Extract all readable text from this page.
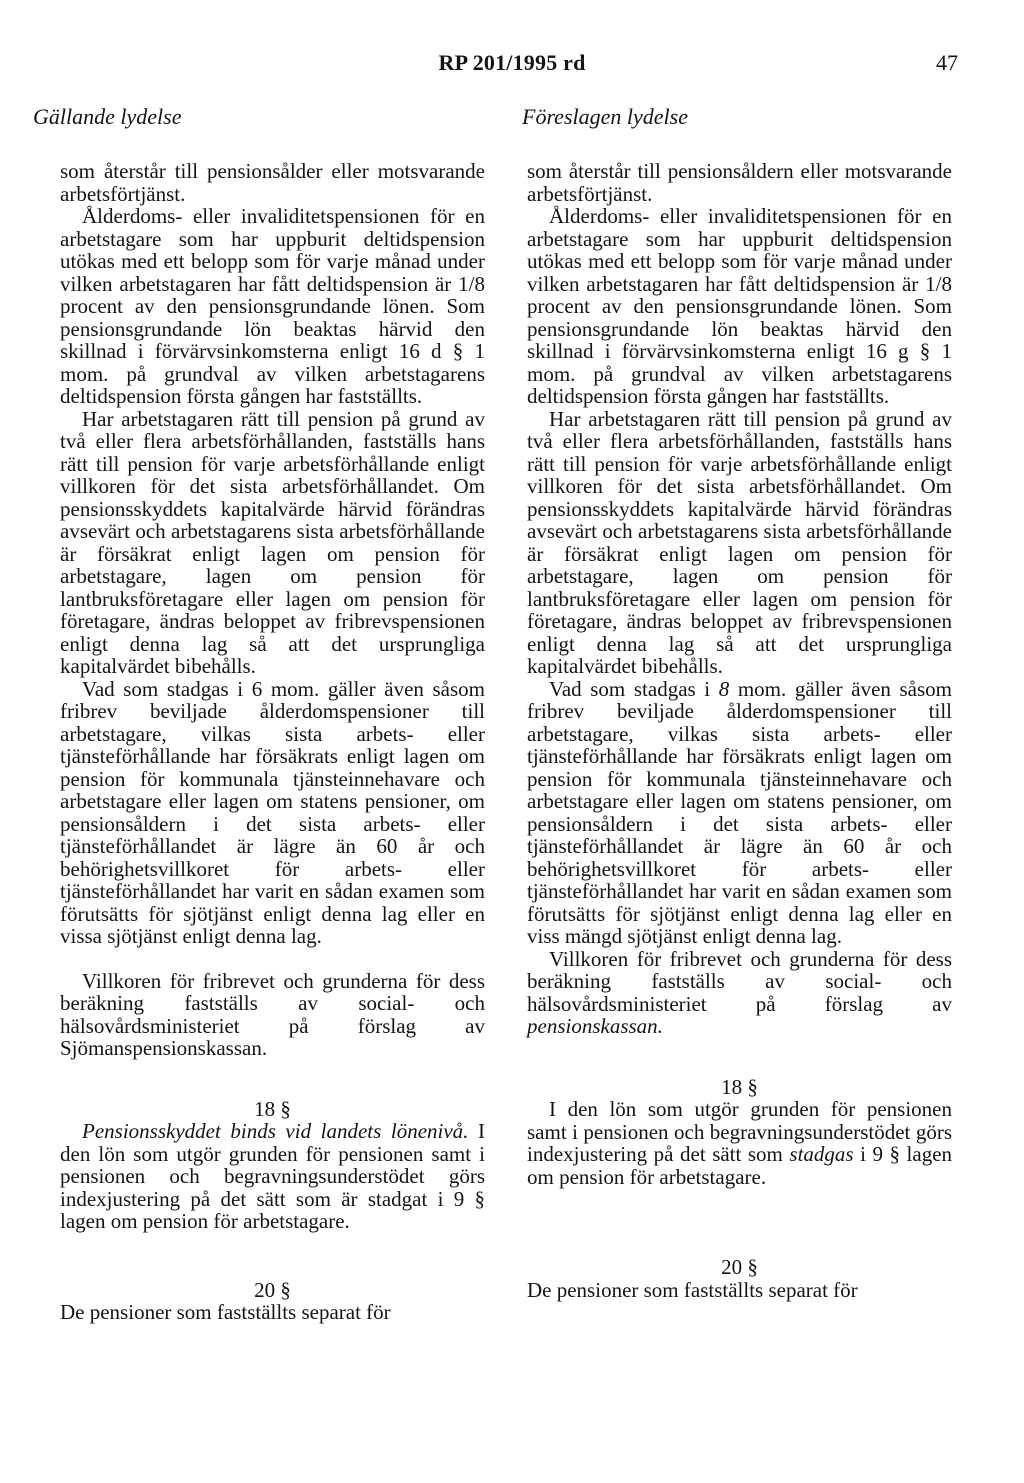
RP 201/1995 rd	47
Gällande lydelse	Föreslagen lydelse

som återstår till pensionsålder eller motsvarande arbetsförtjänst.

Ålderdoms- eller invaliditetspensionen för en arbetstagare som har uppburit deltidspension utökas med ett belopp som för varje månad under vilken arbetstagaren har fått deltidspension är 1/8 procent av den pensionsgrundande lönen. Som pensionsgrundande lön beaktas härvid den skillnad i förvärvsinkomsterna enligt 16 d § 1 mom. på grundval av vilken arbetstagarens deltidspension första gången har fastställts.

Har arbetstagaren rätt till pension på grund av två eller flera arbetsförhållanden, fastställs hans rätt till pension för varje arbetsförhållande enligt villkoren för det sista arbetsförhållandet. Om pensionsskyddets kapitalvärde härvid förändras avsevärt och arbetstagarens sista arbetsförhållande är försäkrat enligt lagen om pension för arbetstagare, lagen om pension för lantbruksföretagare eller lagen om pension för företagare, ändras beloppet av fribrevspensionen enligt denna lag så att det ursprungliga kapitalvärdet bibehålls.

Vad som stadgas i 6 mom. gäller även såsom fribrev beviljade ålderdomspensioner till arbetstagare, vilkas sista arbets- eller tjänsteförhållande har försäkrats enligt lagen om pension för kommunala tjänsteinnehavare och arbetstagare eller lagen om statens pensioner, om pensionsåldern i det sista arbets- eller tjänsteförhållandet är lägre än 60 år och behörighetsvillkoret för arbets- eller tjänsteförhållandet har varit en sådan examen som förutsätts för sjötjänst enligt denna lag eller en vissa sjötjänst enligt denna lag.

Villkoren för fribrevet och grunderna för dess beräkning fastställs av social- och hälsovårdsministeriet på förslag av Sjömanspensionskassan.

18 §

Pensionsskyddet binds vid landets lönenivå. I den lön som utgör grunden för pensionen samt i pensionen och begravningsunderstödet görs indexjustering på det sätt som är stadgat i 9 § lagen om pension för arbetstagare.

20 §

De pensioner som fastställts separat för

som återstår till pensionsåldern eller motsvarande arbetsförtjänst.

Ålderdoms- eller invaliditetspensionen för en arbetstagare som har uppburit deltidspension utökas med ett belopp som för varje månad under vilken arbetstagaren har fått deltidspension är 1/8 procent av den pensionsgrundande lönen. Som pensionsgrundande lön beaktas härvid den skillnad i förvärvsinkomsterna enligt 16 g § 1 mom. på grundval av vilken arbetstagarens deltidspension första gången har fastställts.

Har arbetstagaren rätt till pension på grund av två eller flera arbetsförhållanden, fastställs hans rätt till pension för varje arbetsförhållande enligt villkoren för det sista arbetsförhållandet. Om pensionsskyddets kapitalvärde härvid förändras avsevärt och arbetstagarens sista arbetsförhållande är försäkrat enligt lagen om pension för arbetstagare, lagen om pension för lantbruksföretagare eller lagen om pension för företagare, ändras beloppet av fribrevspensionen enligt denna lag så att det ursprungliga kapitalvärdet bibehålls.

Vad som stadgas i 8 mom. gäller även såsom fribrev beviljade ålderdomspensioner till arbetstagare, vilkas sista arbets- eller tjänsteförhållande har försäkrats enligt lagen om pension för kommunala tjänsteinnehavare och arbetstagare eller lagen om statens pensioner, om pensionsåldern i det sista arbets- eller tjänsteförhållandet är lägre än 60 år och behörighetsvillkoret för arbets- eller tjänsteförhållandet har varit en sådan examen som förutsätts för sjötjänst enligt denna lag eller en viss mängd sjötjänst enligt denna lag.

Villkoren för fribrevet och grunderna för dess beräkning fastställs av social- och hälsovårdsministeriet på förslag av pensionskassan.

18 §

I den lön som utgör grunden för pensionen samt i pensionen och begravningsunderstödet görs indexjustering på det sätt som stadgas i 9 § lagen om pension för arbetstagare.

20 §

De pensioner som fastställts separat för
